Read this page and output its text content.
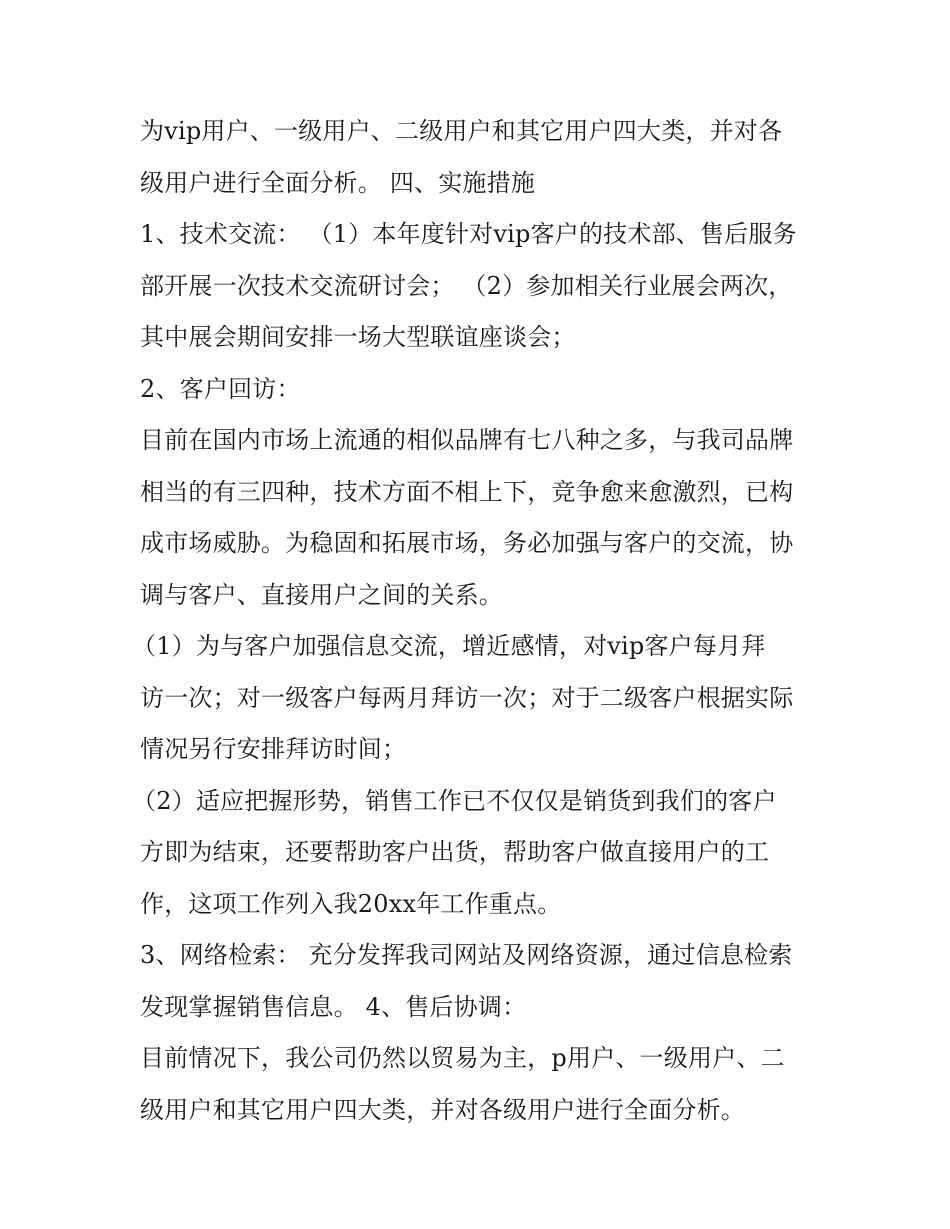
为vip用户、一级用户、二级用户和其它用户四大类，并对各
级用户进行全面分析。 四、实施措施
1、技术交流： （1）本年度针对vip客户的技术部、售后服务
部开展一次技术交流研讨会； （2）参加相关行业展会两次，
其中展会期间安排一场大型联谊座谈会；
2、客户回访：
目前在国内市场上流通的相似品牌有七八种之多，与我司品牌
相当的有三四种，技术方面不相上下，竞争愈来愈激烈，已构
成市场威胁。为稳固和拓展市场，务必加强与客户的交流，协
调与客户、直接用户之间的关系。
（1）为与客户加强信息交流，增近感情，对vip客户每月拜
访一次；对一级客户每两月拜访一次；对于二级客户根据实际
情况另行安排拜访时间；
（2）适应把握形势，销售工作已不仅仅是销货到我们的客户
方即为结束，还要帮助客户出货，帮助客户做直接用户的工
作，这项工作列入我20xx年工作重点。
3、网络检索： 充分发挥我司网站及网络资源，通过信息检索
发现掌握销售信息。 4、售后协调：
目前情况下，我公司仍然以贸易为主，p用户、一级用户、二
级用户和其它用户四大类，并对各级用户进行全面分析。
